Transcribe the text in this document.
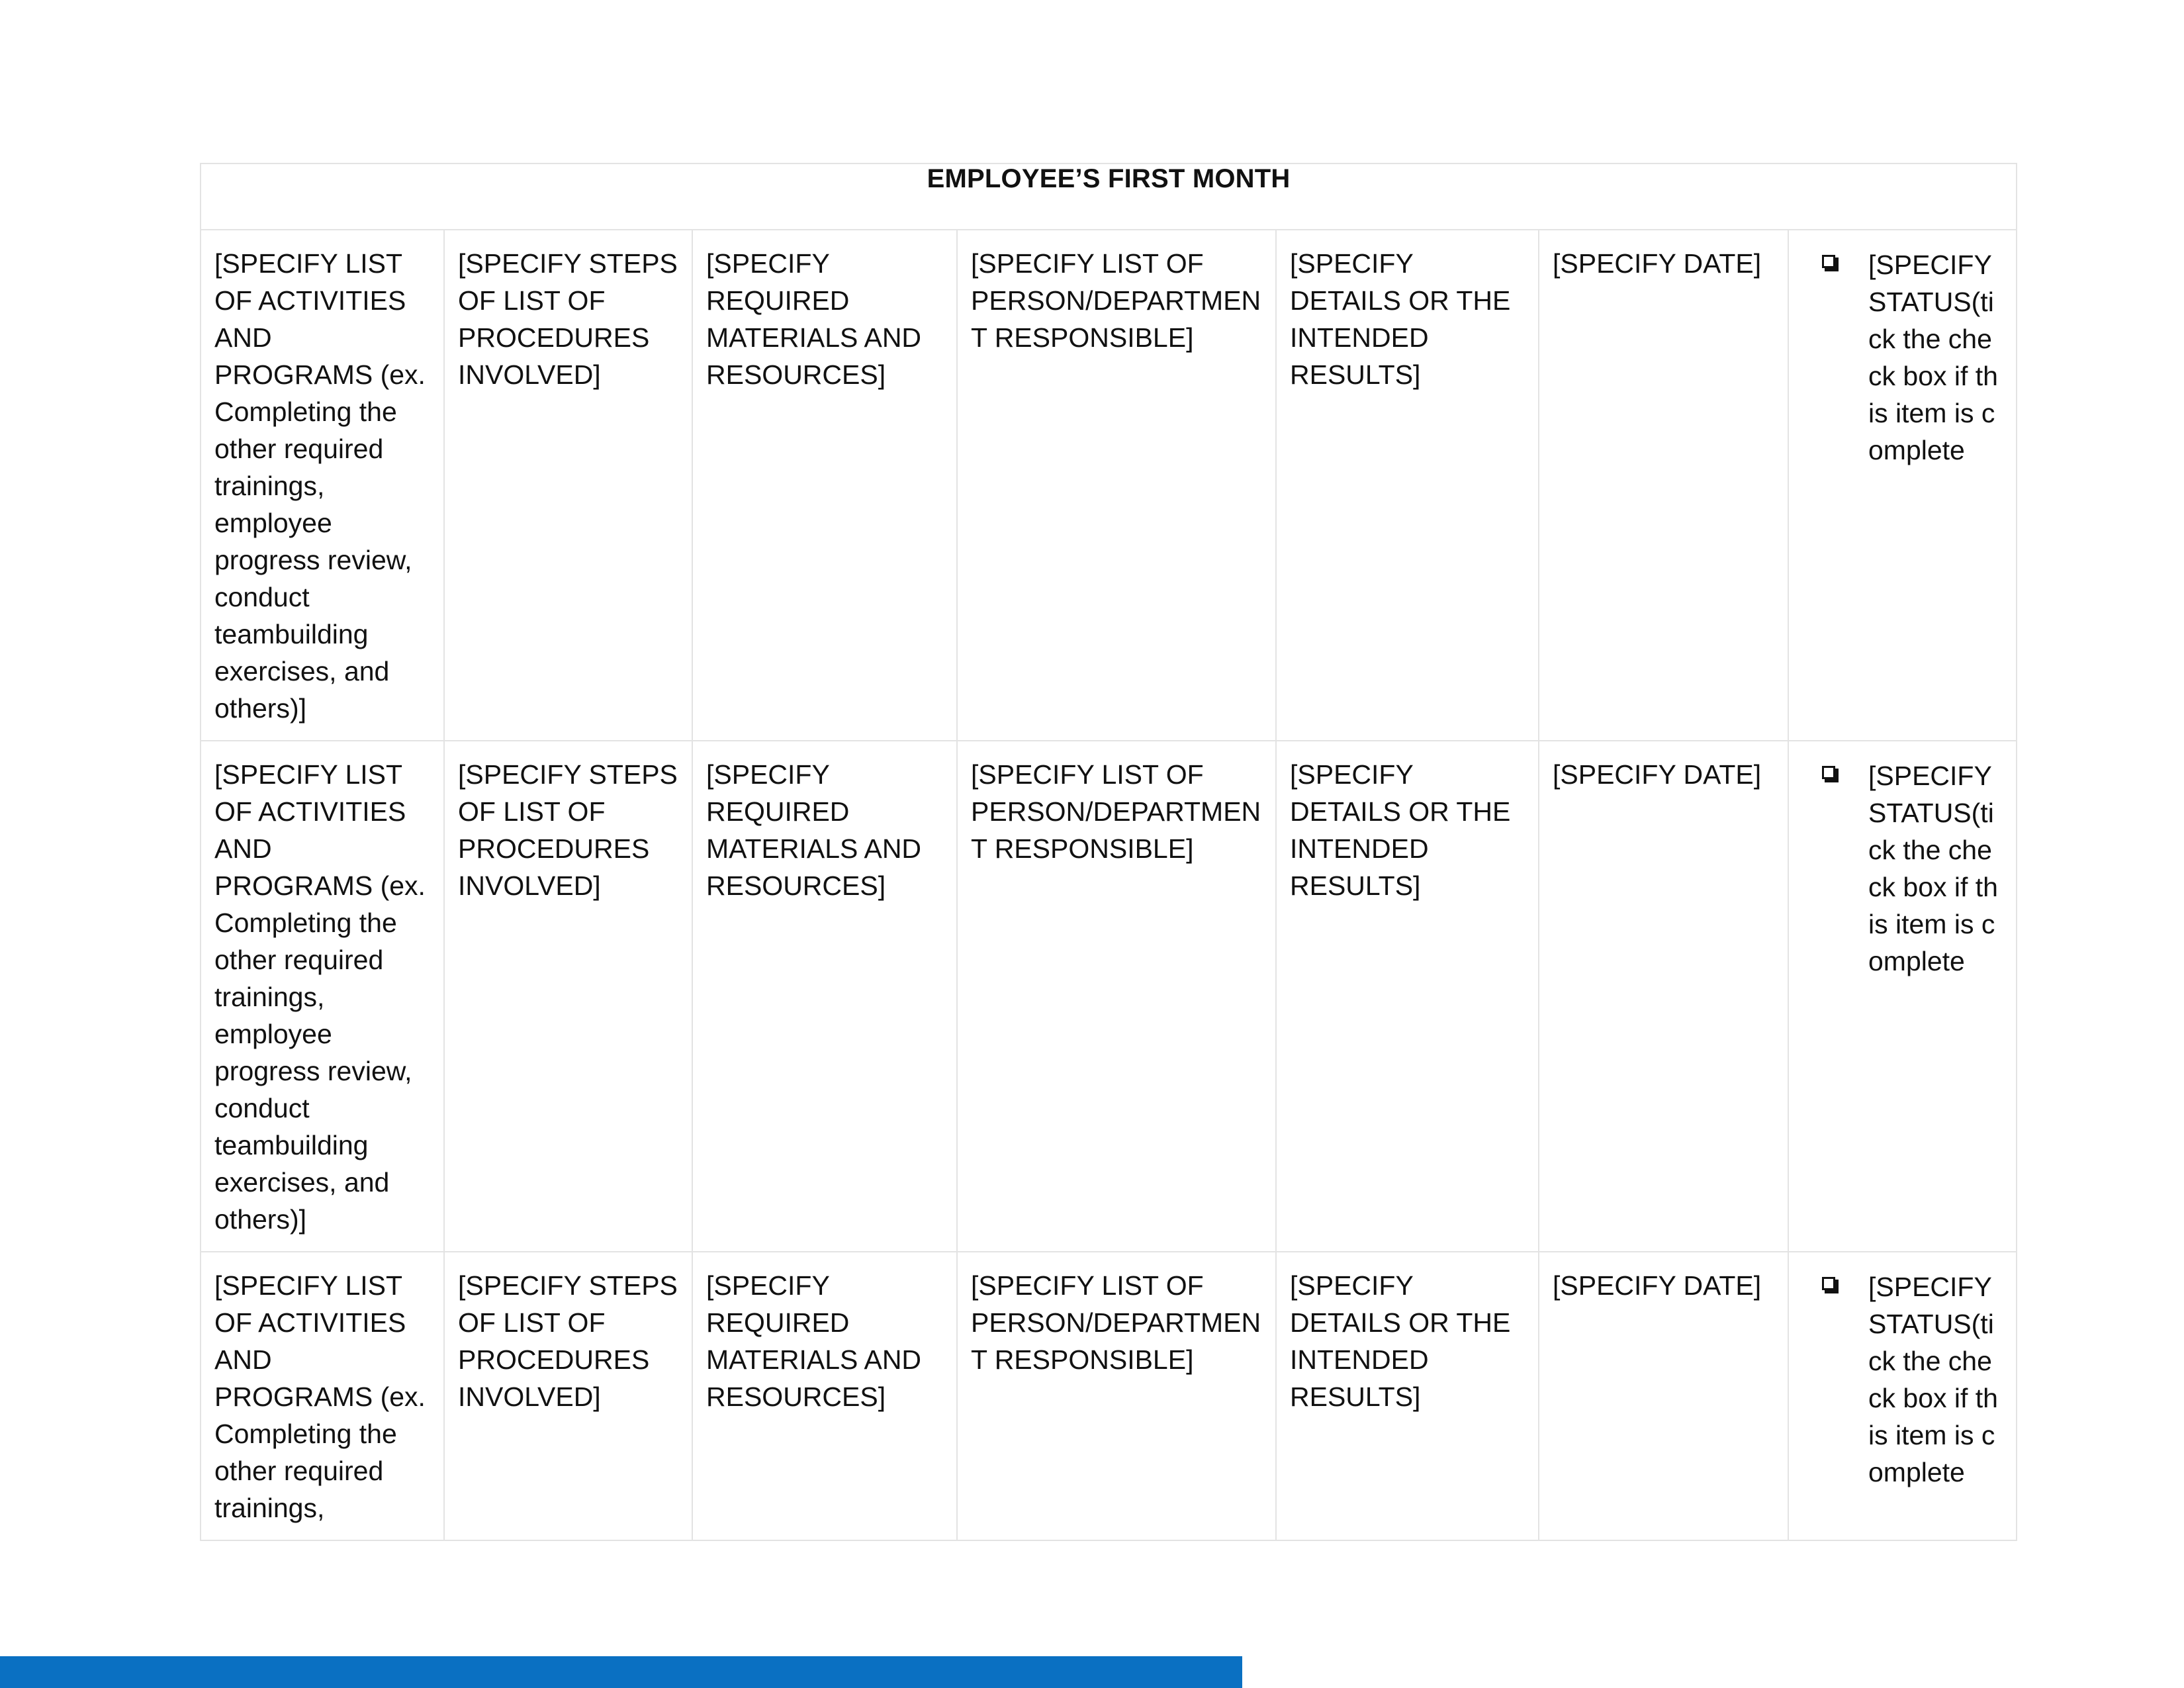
EMPLOYEE’S FIRST MONTH						

[SPECIFY LIST OF ACTIVITIES AND PROGRAMS (ex. Completing the other required trainings, employee progress review, conduct teambuilding exercises, and others)]	[SPECIFY STEPS OF LIST OF PROCEDURES INVOLVED]	[SPECIFY REQUIRED MATERIALS AND RESOURCES]	[SPECIFY LIST OF PERSON/DEPARTMENT RESPONSIBLE]	[SPECIFY DETAILS OR THE INTENDED RESULTS]	[SPECIFY DATE]	[SPECIFY STATUS(tick the check box if this item is complete

[SPECIFY LIST OF ACTIVITIES AND PROGRAMS (ex. Completing the other required trainings, employee progress review, conduct teambuilding exercises, and others)]	[SPECIFY STEPS OF LIST OF PROCEDURES INVOLVED]	[SPECIFY REQUIRED MATERIALS AND RESOURCES]	[SPECIFY LIST OF PERSON/DEPARTMENT RESPONSIBLE]	[SPECIFY DETAILS OR THE INTENDED RESULTS]	[SPECIFY DATE]	[SPECIFY STATUS(tick the check box if this item is complete

[SPECIFY LIST OF ACTIVITIES AND PROGRAMS (ex. Completing the other required trainings,	[SPECIFY STEPS OF LIST OF PROCEDURES INVOLVED]	[SPECIFY REQUIRED MATERIALS AND RESOURCES]	[SPECIFY LIST OF PERSON/DEPARTMENT RESPONSIBLE]	[SPECIFY DETAILS OR THE INTENDED RESULTS]	[SPECIFY DATE]	[SPECIFY STATUS(tick the check box if this item is complete
